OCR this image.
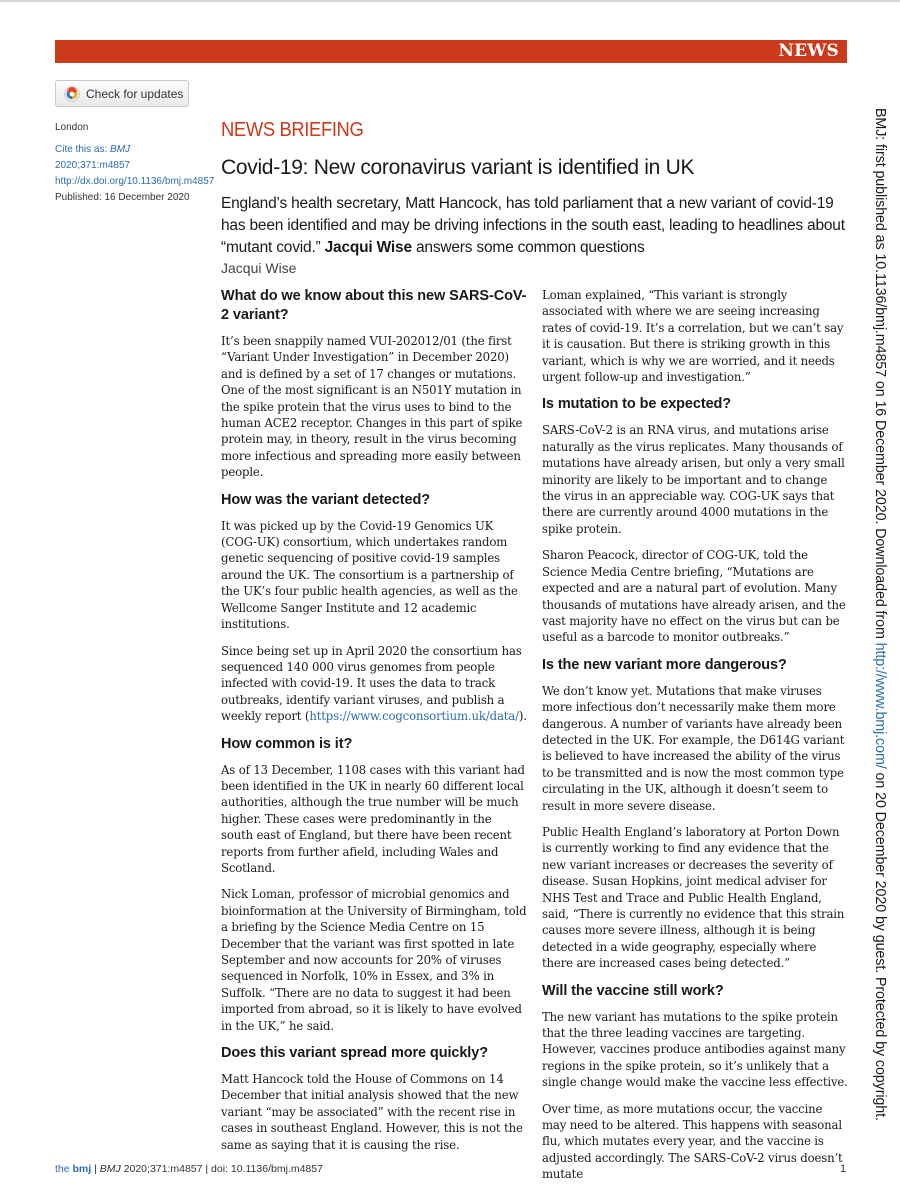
NEWS
Check for updates
London
Cite this as: BMJ 2020;371:m4857
http://dx.doi.org/10.1136/bmj.m4857
Published: 16 December 2020
NEWS BRIEFING
Covid-19: New coronavirus variant is identified in UK
England’s health secretary, Matt Hancock, has told parliament that a new variant of covid-19 has been identified and may be driving infections in the south east, leading to headlines about “mutant covid.” Jacqui Wise answers some common questions
Jacqui Wise
What do we know about this new SARS-CoV-2 variant?

It’s been snappily named VUI-202012/01 (the first “Variant Under Investigation” in December 2020) and is defined by a set of 17 changes or mutations. One of the most significant is an N501Y mutation in the spike protein that the virus uses to bind to the human ACE2 receptor. Changes in this part of spike protein may, in theory, result in the virus becoming more infectious and spreading more easily between people.

How was the variant detected?

It was picked up by the Covid-19 Genomics UK (COG-UK) consortium, which undertakes random genetic sequencing of positive covid-19 samples around the UK. The consortium is a partnership of the UK’s four public health agencies, as well as the Wellcome Sanger Institute and 12 academic institutions.

Since being set up in April 2020 the consortium has sequenced 140 000 virus genomes from people infected with covid-19. It uses the data to track outbreaks, identify variant viruses, and publish a weekly report (https://www.cogconsortium.uk/data/).

How common is it?

As of 13 December, 1108 cases with this variant had been identified in the UK in nearly 60 different local authorities, although the true number will be much higher. These cases were predominantly in the south east of England, but there have been recent reports from further afield, including Wales and Scotland.

Nick Loman, professor of microbial genomics and bioinformation at the University of Birmingham, told a briefing by the Science Media Centre on 15 December that the variant was first spotted in late September and now accounts for 20% of viruses sequenced in Norfolk, 10% in Essex, and 3% in Suffolk. “There are no data to suggest it had been imported from abroad, so it is likely to have evolved in the UK,” he said.

Does this variant spread more quickly?

Matt Hancock told the House of Commons on 14 December that initial analysis showed that the new variant “may be associated” with the recent rise in cases in southeast England. However, this is not the same as saying that it is causing the rise.

Loman explained, “This variant is strongly associated with where we are seeing increasing rates of covid-19. It’s a correlation, but we can’t say it is causation. But there is striking growth in this variant, which is why we are worried, and it needs urgent follow-up and investigation.”

Is mutation to be expected?

SARS-CoV-2 is an RNA virus, and mutations arise naturally as the virus replicates. Many thousands of mutations have already arisen, but only a very small minority are likely to be important and to change the virus in an appreciable way. COG-UK says that there are currently around 4000 mutations in the spike protein.

Sharon Peacock, director of COG-UK, told the Science Media Centre briefing, “Mutations are expected and are a natural part of evolution. Many thousands of mutations have already arisen, and the vast majority have no effect on the virus but can be useful as a barcode to monitor outbreaks.”

Is the new variant more dangerous?

We don’t know yet. Mutations that make viruses more infectious don’t necessarily make them more dangerous. A number of variants have already been detected in the UK. For example, the D614G variant is believed to have increased the ability of the virus to be transmitted and is now the most common type circulating in the UK, although it doesn’t seem to result in more severe disease.

Public Health England’s laboratory at Porton Down is currently working to find any evidence that the new variant increases or decreases the severity of disease. Susan Hopkins, joint medical adviser for NHS Test and Trace and Public Health England, said, “There is currently no evidence that this strain causes more severe illness, although it is being detected in a wide geography, especially where there are increased cases being detected.”

Will the vaccine still work?

The new variant has mutations to the spike protein that the three leading vaccines are targeting. However, vaccines produce antibodies against many regions in the spike protein, so it’s unlikely that a single change would make the vaccine less effective.

Over time, as more mutations occur, the vaccine may need to be altered. This happens with seasonal flu, which mutates every year, and the vaccine is adjusted accordingly. The SARS-CoV-2 virus doesn’t mutate

BMJ: first published as 10.1136/bmj.m4857 on 16 December 2020. Downloaded from http://www.bmj.com/ on 20 December 2020 by guest. Protected by copyright.
the bmj | BMJ 2020;371:m4857 | doi: 10.1136/bmj.m4857	1
